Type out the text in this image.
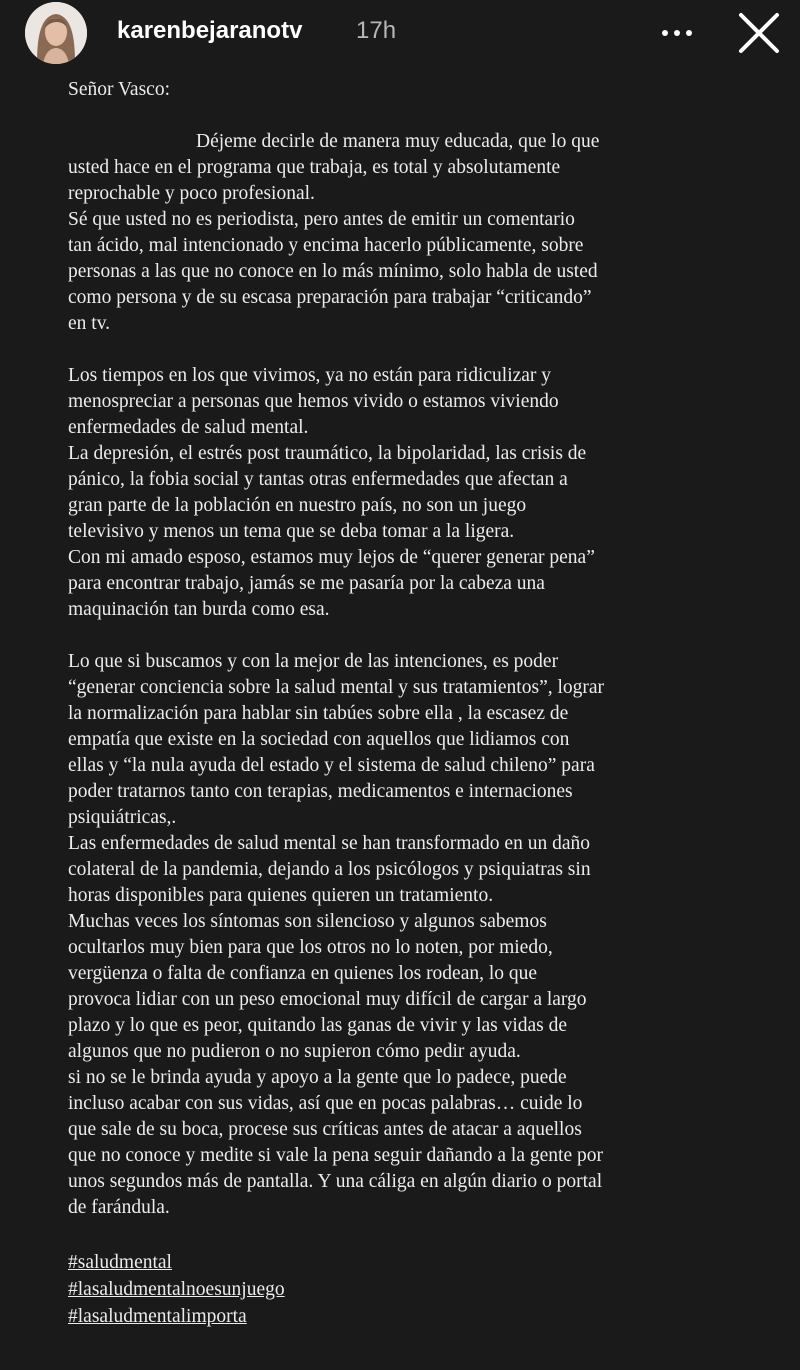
karenbejaranotv 17h
Señor Vasco:
Déjeme decirle de manera muy educada, que lo que
usted hace en el programa que trabaja, es total y absolutamente
reprochable y poco profesional.
Sé que usted no es periodista, pero antes de emitir un comentario
tan ácido, mal intencionado y encima hacerlo públicamente, sobre
personas a las que no conoce en lo más mínimo, solo habla de usted
como persona y de su escasa preparación para trabajar “criticando”
en tv.
Los tiempos en los que vivimos, ya no están para ridiculizar y
menospreciar a personas que hemos vivido o estamos viviendo
enfermedades de salud mental.
La depresión, el estrés post traumático, la bipolaridad, las crisis de
pánico, la fobia social y tantas otras enfermedades que afectan a
gran parte de la población en nuestro país, no son un juego
televisivo y menos un tema que se deba tomar a la ligera.
Con mi amado esposo, estamos muy lejos de “querer generar pena”
para encontrar trabajo, jamás se me pasaría por la cabeza una
maquinación tan burda como esa.
Lo que si buscamos y con la mejor de las intenciones, es poder
“generar conciencia sobre la salud mental y sus tratamientos”, lograr
la normalización para hablar sin tabúes sobre ella , la escasez de
empatía que existe en la sociedad con aquellos que lidiamos con
ellas y “la nula ayuda del estado y el sistema de salud chileno” para
poder tratarnos tanto con terapias, medicamentos e internaciones
psiquiátricas,.
Las enfermedades de salud mental se han transformado en un daño
colateral de la pandemia, dejando a los psicólogos y psiquiatras sin
horas disponibles para quienes quieren un tratamiento.
Muchas veces los síntomas son silencioso y algunos sabemos
ocultarlos muy bien para que los otros no lo noten, por miedo,
vergüenza o falta de confianza en quienes los rodean, lo que
provoca lidiar con un peso emocional muy difícil de cargar a largo
plazo y lo que es peor, quitando las ganas de vivir y las vidas de
algunos que no pudieron o no supieron cómo pedir ayuda.
si no se le brinda ayuda y apoyo a la gente que lo padece, puede
incluso acabar con sus vidas, así que en pocas palabras… cuide lo
que sale de su boca, procese sus críticas antes de atacar a aquellos
que no conoce y medite si vale la pena seguir dañando a la gente por
unos segundos más de pantalla. Y una cáliga en algún diario o portal
de farándula.
#saludmental
#lasaludmentalnoesunjuego
#lasaludmentalimporta
